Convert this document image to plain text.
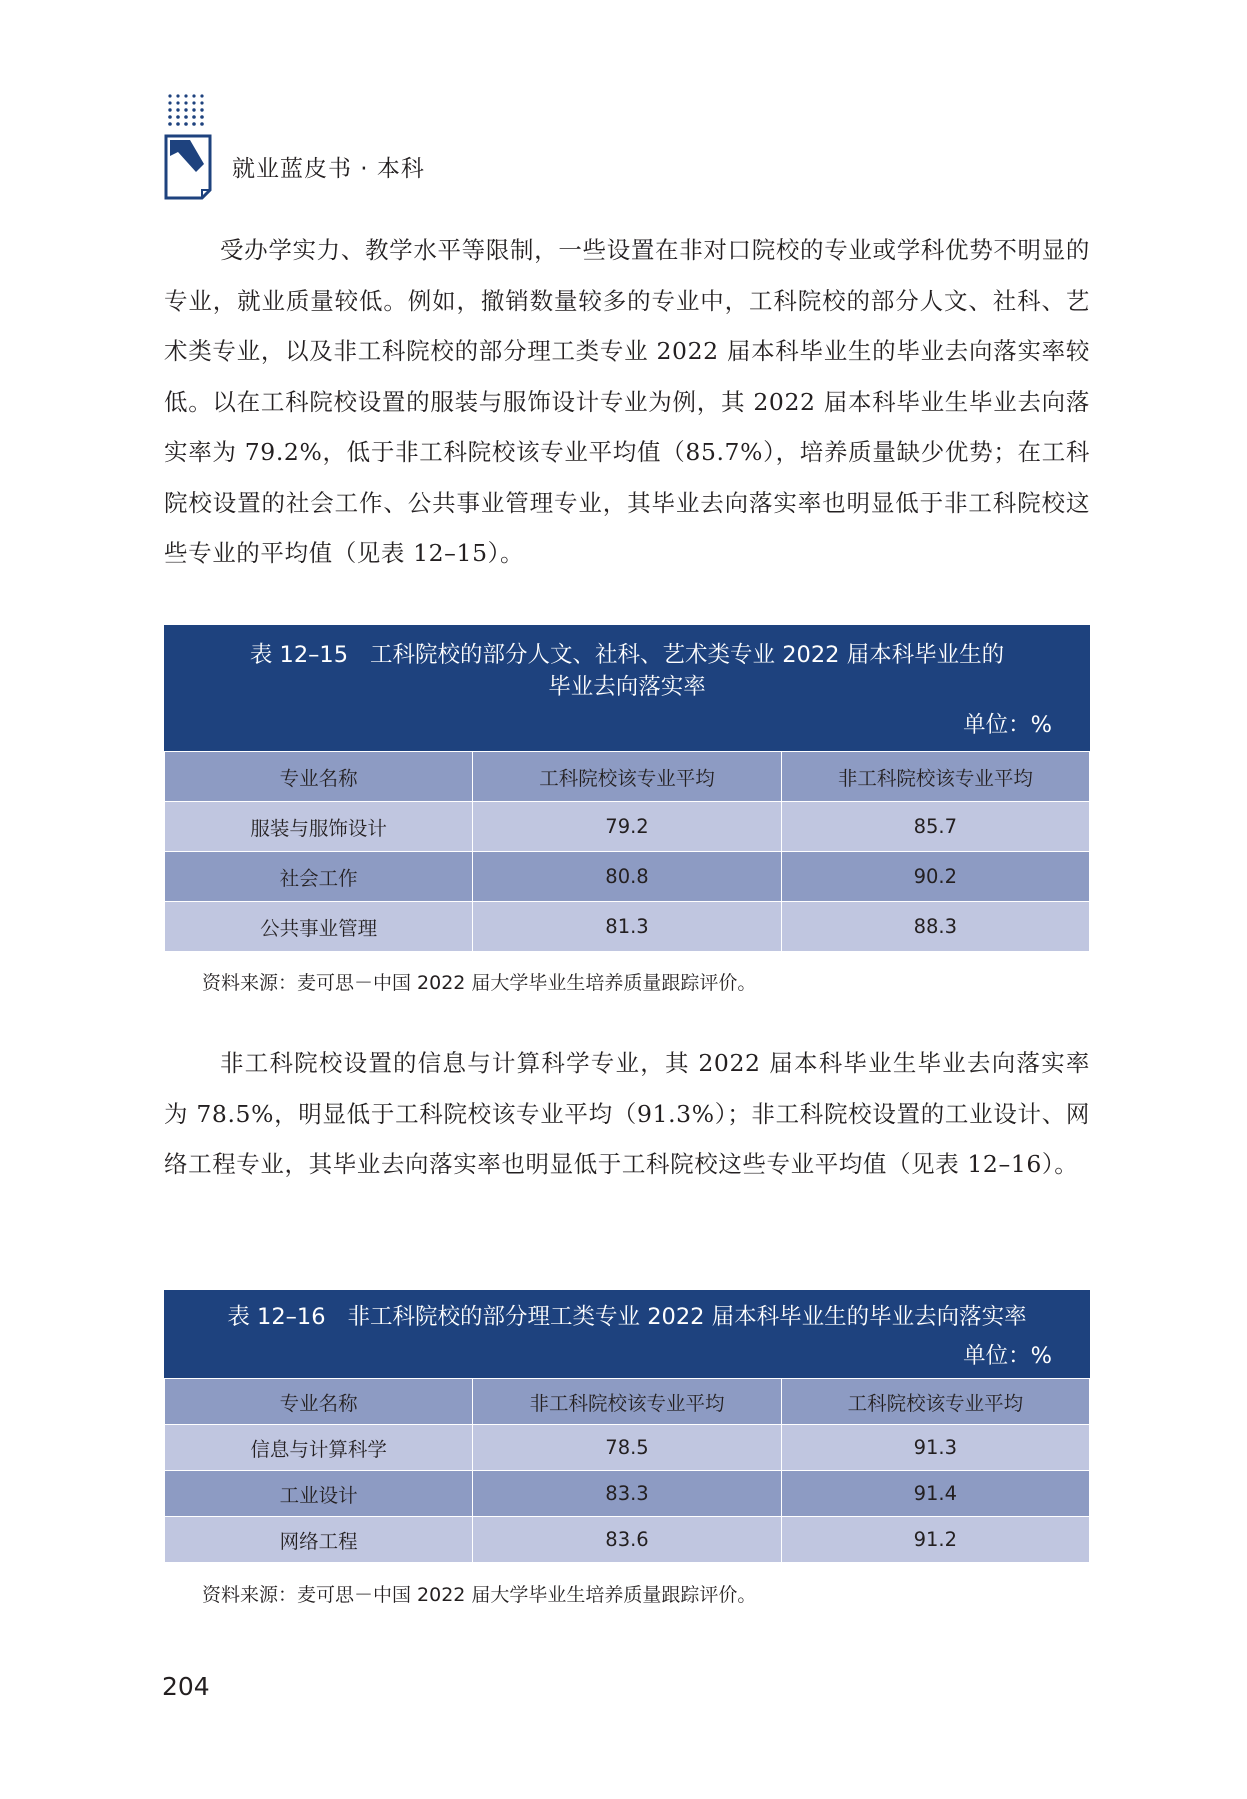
就业蓝皮书 · 本科

受办学实力、教学水平等限制，一些设置在非对口院校的专业或学科优势不明显的专业，就业质量较低。例如，撤销数量较多的专业中，工科院校的部分人文、社科、艺术类专业，以及非工科院校的部分理工类专业 2022 届本科毕业生的毕业去向落实率较低。以在工科院校设置的服装与服饰设计专业为例，其 2022 届本科毕业生毕业去向落实率为 79.2%，低于非工科院校该专业平均值（85.7%），培养质量缺少优势；在工科院校设置的社会工作、公共事业管理专业，其毕业去向落实率也明显低于非工科院校这些专业的平均值（见表 12–15）。

表 12–15 工科院校的部分人文、社科、艺术类专业 2022 届本科毕业生的
毕业去向落实率
单位：%
专业名称	工科院校该专业平均	非工科院校该专业平均
服装与服饰设计	79.2	85.7
社会工作	80.8	90.2
公共事业管理	81.3	88.3
资料来源：麦可思－中国 2022 届大学毕业生培养质量跟踪评价。

非工科院校设置的信息与计算科学专业，其 2022 届本科毕业生毕业去向落实率为 78.5%，明显低于工科院校该专业平均（91.3%）；非工科院校设置的工业设计、网络工程专业，其毕业去向落实率也明显低于工科院校这些专业平均值（见表 12–16）。

表 12–16 非工科院校的部分理工类专业 2022 届本科毕业生的毕业去向落实率
单位：%
专业名称	非工科院校该专业平均	工科院校该专业平均
信息与计算科学	78.5	91.3
工业设计	83.3	91.4
网络工程	83.6	91.2
资料来源：麦可思－中国 2022 届大学毕业生培养质量跟踪评价。
204
